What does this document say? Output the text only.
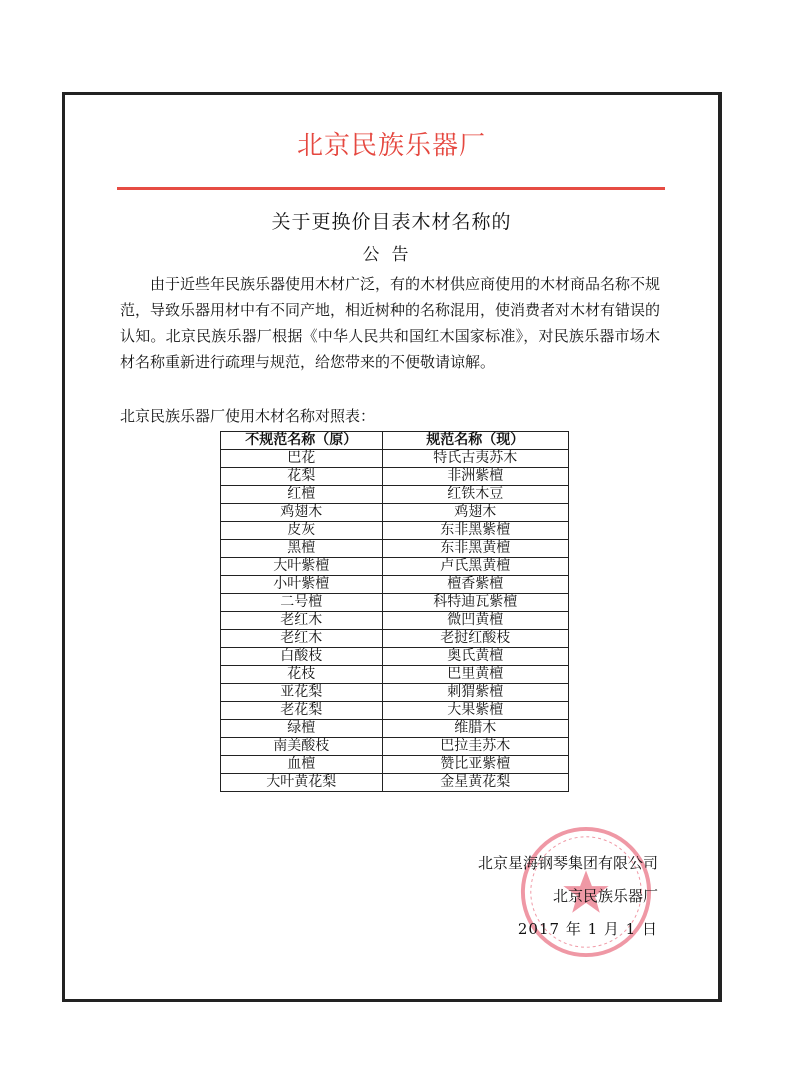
北京民族乐器厂
关于更换价目表木材名称的
公告

由于近些年民族乐器使用木材广泛，有的木材供应商使用的木材商品名称不规范，导致乐器用材中有不同产地，相近树种的名称混用，使消费者对木材有错误的认知。北京民族乐器厂根据《中华人民共和国红木国家标准》，对民族乐器市场木材名称重新进行疏理与规范，给您带来的不便敬请谅解。

北京民族乐器厂使用木材名称对照表：
不规范名称（原）	规范名称（现）
巴花	特氏古夷苏木
花梨	非洲紫檀
红檀	红铁木豆
鸡翅木	鸡翅木
皮灰	东非黑紫檀
黑檀	东非黑黄檀
大叶紫檀	卢氏黑黄檀
小叶紫檀	檀香紫檀
二号檀	科特迪瓦紫檀
老红木	微凹黄檀
老红木	老挝红酸枝
白酸枝	奥氏黄檀
花枝	巴里黄檀
亚花梨	刺猬紫檀
老花梨	大果紫檀
绿檀	维腊木
南美酸枝	巴拉圭苏木
血檀	赞比亚紫檀
大叶黄花梨	金星黄花梨
北京星海钢琴集团有限公司
北京民族乐器厂
2017 年 1 月 1 日
